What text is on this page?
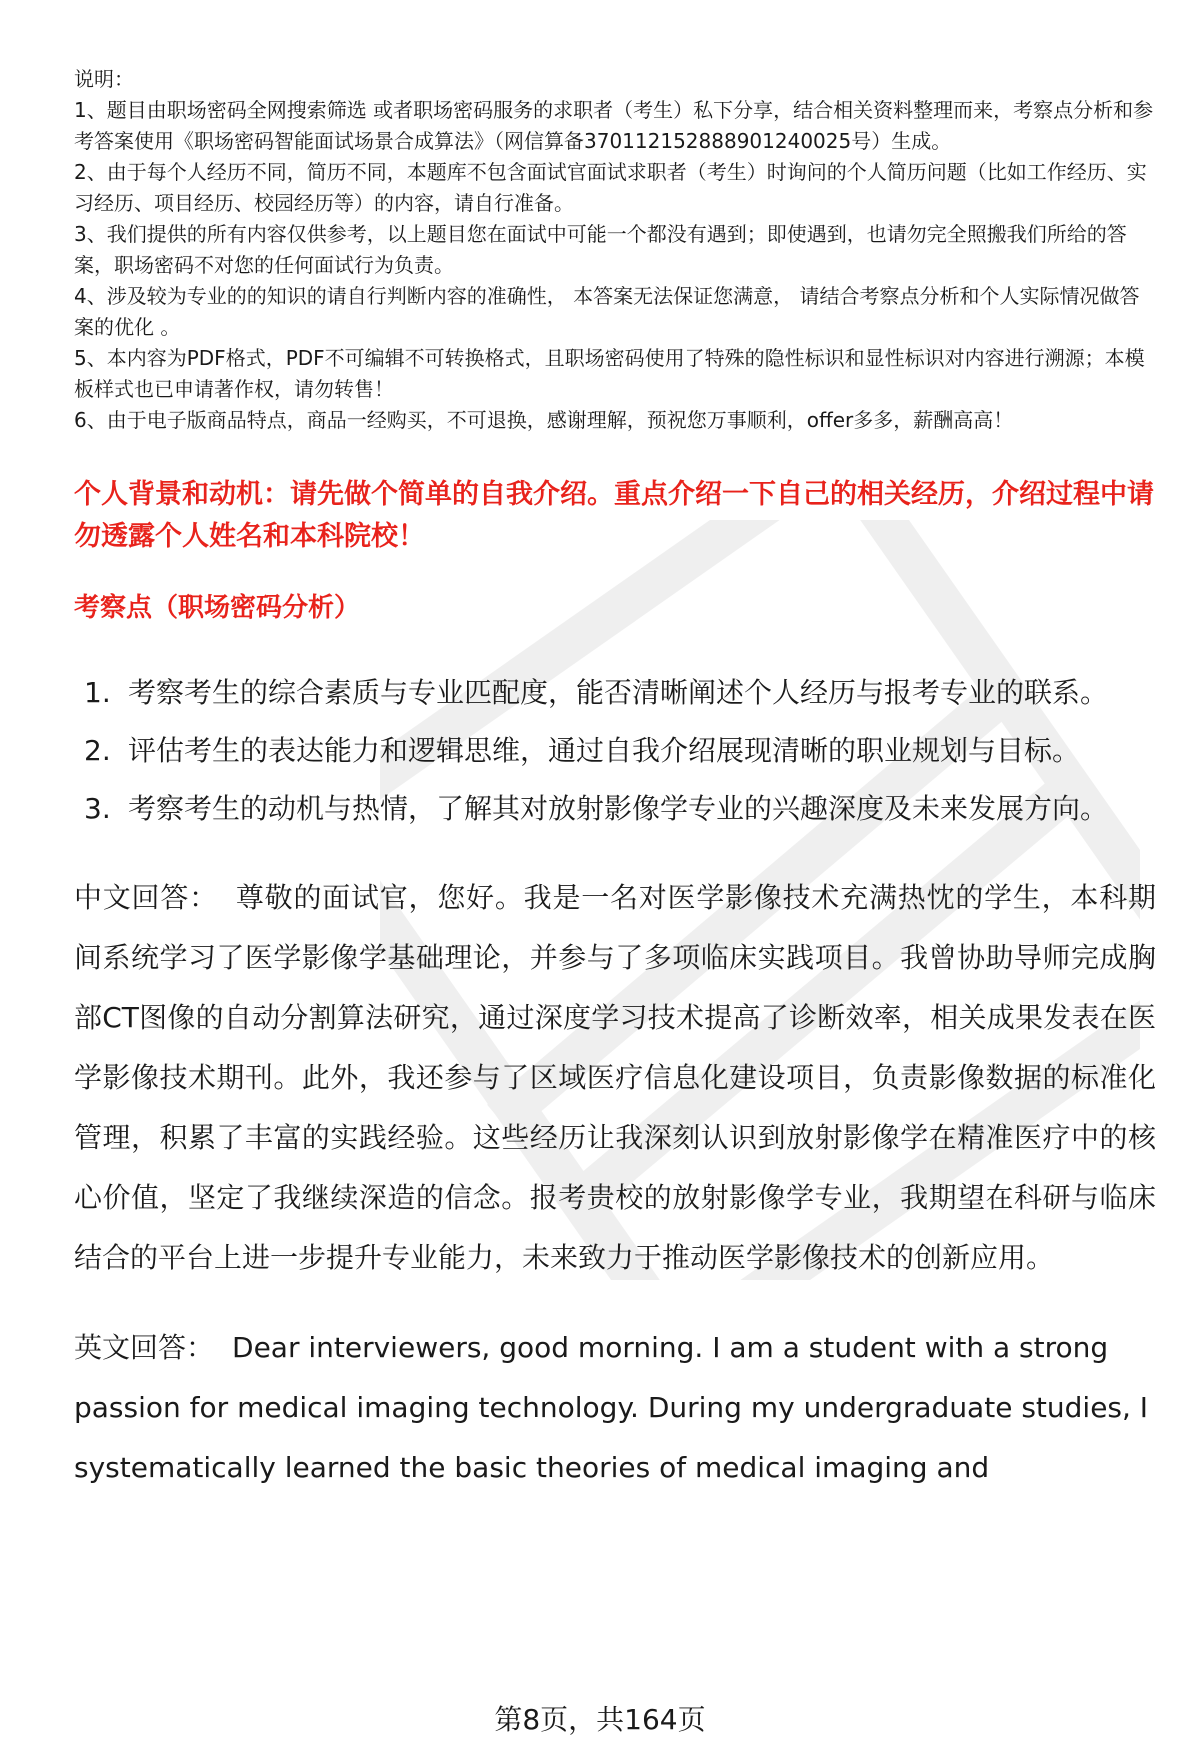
说明：

1、题目由职场密码全网搜索筛选 或者职场密码服务的求职者（考生）私下分享，结合相关资料整理而来，考察点分析和参考答案使用《职场密码智能面试场景合成算法》（网信算备370112152888901240025号）生成。

2、由于每个人经历不同，简历不同，本题库不包含面试官面试求职者（考生）时询问的个人简历问题（比如工作经历、实习经历、项目经历、校园经历等）的内容，请自行准备。

3、我们提供的所有内容仅供参考，以上题目您在面试中可能一个都没有遇到；即使遇到，也请勿完全照搬我们所给的答案，职场密码不对您的任何面试行为负责。

4、涉及较为专业的的知识的请自行判断内容的准确性， 本答案无法保证您满意， 请结合考察点分析和个人实际情况做答案的优化 。

5、本内容为PDF格式，PDF不可编辑不可转换格式，且职场密码使用了特殊的隐性标识和显性标识对内容进行溯源；本模板样式也已申请著作权，请勿转售！

6、由于电子版商品特点，商品一经购买，不可退换，感谢理解，预祝您万事顺利，offer多多，薪酬高高！

个人背景和动机：请先做个简单的自我介绍。重点介绍一下自己的相关经历，介绍过程中请勿透露个人姓名和本科院校！
考察点（职场密码分析）
1. 考察考生的综合素质与专业匹配度，能否清晰阐述个人经历与报考专业的联系。
2. 评估考生的表达能力和逻辑思维，通过自我介绍展现清晰的职业规划与目标。
3. 考察考生的动机与热情，了解其对放射影像学专业的兴趣深度及未来发展方向。

中文回答： 尊敬的面试官，您好。我是一名对医学影像技术充满热忱的学生，本科期间系统学习了医学影像学基础理论，并参与了多项临床实践项目。我曾协助导师完成胸部CT图像的自动分割算法研究，通过深度学习技术提高了诊断效率，相关成果发表在医学影像技术期刊。此外，我还参与了区域医疗信息化建设项目，负责影像数据的标准化管理，积累了丰富的实践经验。这些经历让我深刻认识到放射影像学在精准医疗中的核心价值，坚定了我继续深造的信念。报考贵校的放射影像学专业，我期望在科研与临床结合的平台上进一步提升专业能力，未来致力于推动医学影像技术的创新应用。

英文回答： Dear interviewers, good morning. I am a student with a strong passion for medical imaging technology. During my undergraduate studies, I systematically learned the basic theories of medical imaging and

第8页，共164页
